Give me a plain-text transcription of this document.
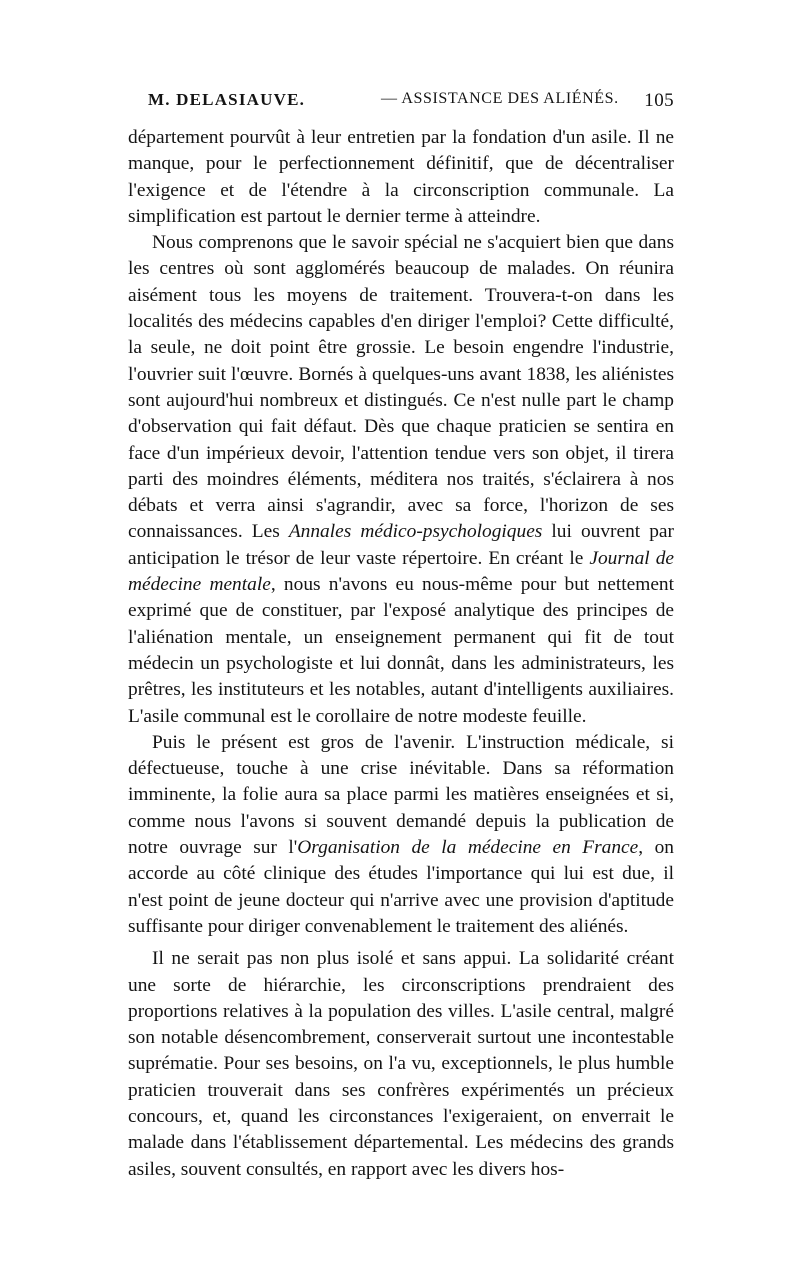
M. DELASIAUVE.	— ASSISTANCE DES ALIÉNÉS. 105

département pourvût à leur entretien par la fondation d'un asile. Il ne manque, pour le perfectionnement définitif, que de décentraliser l'exigence et de l'étendre à la circonscription communale. La simplification est partout le dernier terme à atteindre.

Nous comprenons que le savoir spécial ne s'acquiert bien que dans les centres où sont agglomérés beaucoup de malades. On réunira aisément tous les moyens de traitement. Trouvera-t-on dans les localités des médecins capables d'en diriger l'emploi? Cette difficulté, la seule, ne doit point être grossie. Le besoin engendre l'industrie, l'ouvrier suit l'œuvre. Bornés à quelques-uns avant 1838, les aliénistes sont aujourd'hui nombreux et distingués. Ce n'est nulle part le champ d'observation qui fait défaut. Dès que chaque praticien se sentira en face d'un impérieux devoir, l'attention tendue vers son objet, il tirera parti des moindres éléments, méditera nos traités, s'éclairera à nos débats et verra ainsi s'agrandir, avec sa force, l'horizon de ses connaissances. Les Annales médico-psychologiques lui ouvrent par anticipation le trésor de leur vaste répertoire. En créant le Journal de médecine mentale, nous n'avons eu nous-même pour but nettement exprimé que de constituer, par l'exposé analytique des principes de l'aliénation mentale, un enseignement permanent qui fit de tout médecin un psychologiste et lui donnât, dans les administrateurs, les prêtres, les instituteurs et les notables, autant d'intelligents auxiliaires. L'asile communal est le corollaire de notre modeste feuille.

Puis le présent est gros de l'avenir. L'instruction médicale, si défectueuse, touche à une crise inévitable. Dans sa réformation imminente, la folie aura sa place parmi les matières enseignées et si, comme nous l'avons si souvent demandé depuis la publication de notre ouvrage sur l'Organisation de la médecine en France, on accorde au côté clinique des études l'importance qui lui est due, il n'est point de jeune docteur qui n'arrive avec une provision d'aptitude suffisante pour diriger convenablement le traitement des aliénés.

Il ne serait pas non plus isolé et sans appui. La solidarité créant une sorte de hiérarchie, les circonscriptions prendraient des proportions relatives à la population des villes. L'asile central, malgré son notable désencombrement, conserverait surtout une incontestable suprématie. Pour ses besoins, on l'a vu, exceptionnels, le plus humble praticien trouverait dans ses confrères expérimentés un précieux concours, et, quand les circonstances l'exigeraient, on enverrait le malade dans l'établissement départemental. Les médecins des grands asiles, souvent consultés, en rapport avec les divers hos-
